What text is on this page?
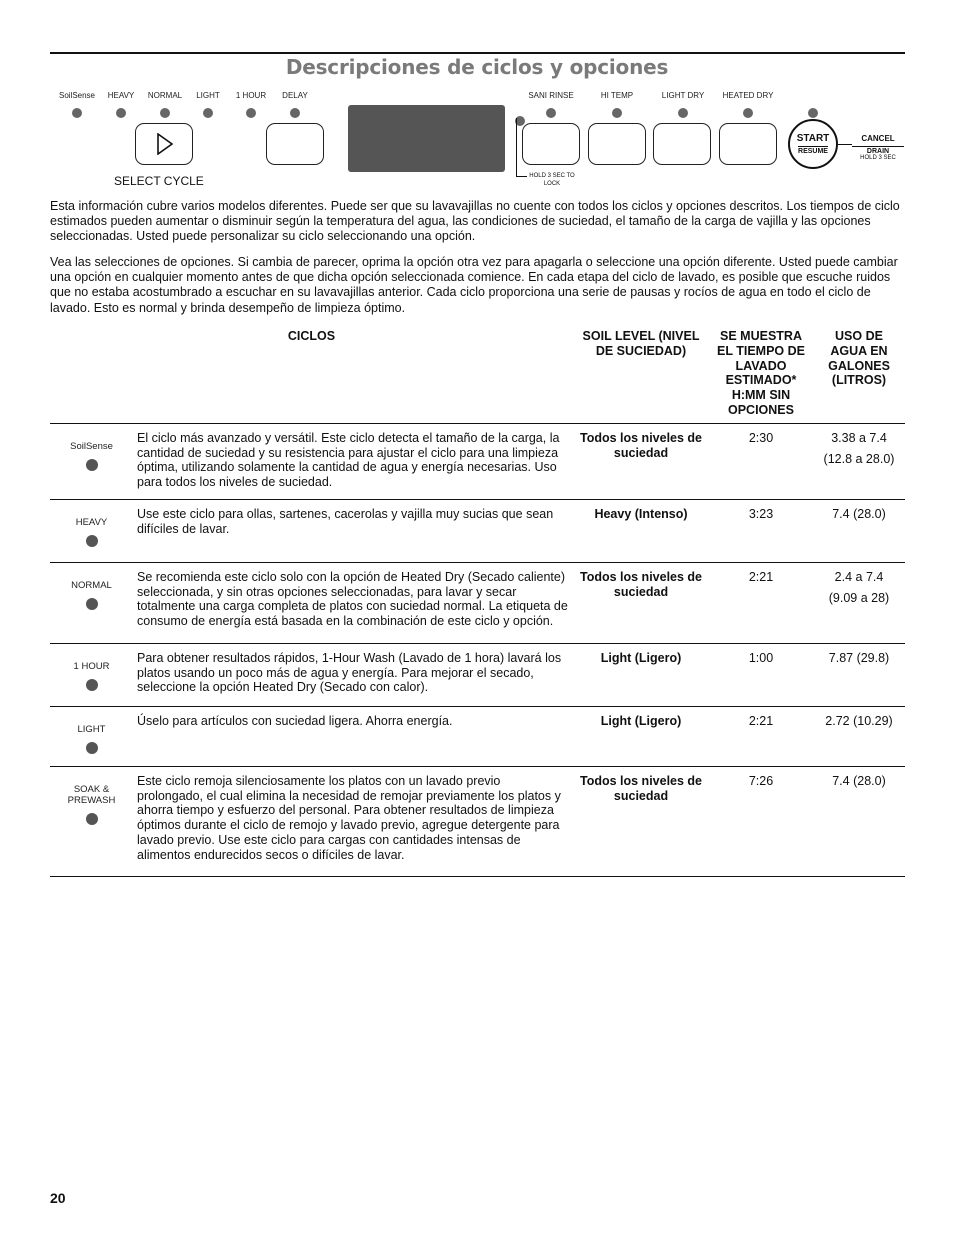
Descripciones de ciclos y opciones
SoilSense HEAVY NORMAL LIGHT 1 HOUR DELAY
SELECT CYCLE	HOLD 3 SEC TO LOCK
SANI RINSE	HI TEMP	LIGHT DRY HEATED DRY
START
RESUME
CANCEL
DRAIN
HOLD 3 SEC
Esta información cubre varios modelos diferentes. Puede ser que su lavavajillas no cuente con todos los ciclos y opciones descritos. Los tiempos de ciclo estimados pueden aumentar o disminuir según la temperatura del agua, las condiciones de suciedad, el tamaño de la carga de vajilla y las opciones seleccionadas. Usted puede personalizar su ciclo seleccionando una opción.
Vea las selecciones de opciones. Si cambia de parecer, oprima la opción otra vez para apagarla o seleccione una opción diferente. Usted puede cambiar una opción en cualquier momento antes de que dicha opción seleccionada comience. En cada etapa del ciclo de lavado, es posible que escuche ruidos que no estaba acostumbrado a escuchar en su lavavajillas anterior. Cada ciclo proporciona una serie de pausas y rocíos de agua en todo el ciclo de lavado. Esto es normal y brinda desempeño de limpieza óptimo.
CICLOS		SOIL LEVEL (NIVEL DE SUCIEDAD)	SE MUESTRA EL TIEMPO DE LAVADO ESTIMADO* H:MM SIN OPCIONES	USO DE AGUA EN GALONES (LITROS)

SoilSense	El ciclo más avanzado y versátil. Este ciclo detecta el tamaño de la carga, la cantidad de suciedad y su resistencia para ajustar el ciclo para una limpieza óptima, utilizando solamente la cantidad de agua y energía necesarias. Uso para todos los niveles de suciedad.	Todos los niveles de suciedad	2:30	3.38 a 7.4
(12.8 a 28.0)

HEAVY	Use este ciclo para ollas, sartenes, cacerolas y vajilla muy sucias que sean difíciles de lavar.	Heavy (Intenso)	3:23	7.4 (28.0)

NORMAL	Se recomienda este ciclo solo con la opción de Heated Dry (Secado caliente) seleccionada, y sin otras opciones seleccionadas, para lavar y secar totalmente una carga completa de platos con suciedad normal. La etiqueta de consumo de energía está basada en la combinación de este ciclo y opción.	Todos los niveles de suciedad	2:21	2.4 a 7.4
(9.09 a 28)

1 HOUR	Para obtener resultados rápidos, 1-Hour Wash (Lavado de 1 hora) lavará los platos usando un poco más de agua y energía. Para mejorar el secado, seleccione la opción Heated Dry (Secado con calor).	Light (Ligero)	1:00	7.87 (29.8)

LIGHT	Úselo para artículos con suciedad ligera. Ahorra energía.	Light (Ligero)	2:21	2.72 (10.29)

SOAK & PREWASH	Este ciclo remoja silenciosamente los platos con un lavado previo prolongado, el cual elimina la necesidad de remojar previamente los platos y ahorra tiempo y esfuerzo del personal. Para obtener resultados de limpieza óptimos durante el ciclo de remojo y lavado previo, agregue detergente para lavado previo. Use este ciclo para cargas con cantidades intensas de alimentos endurecidos secos o difíciles de lavar.	Todos los niveles de suciedad	7:26	7.4 (28.0)
20
